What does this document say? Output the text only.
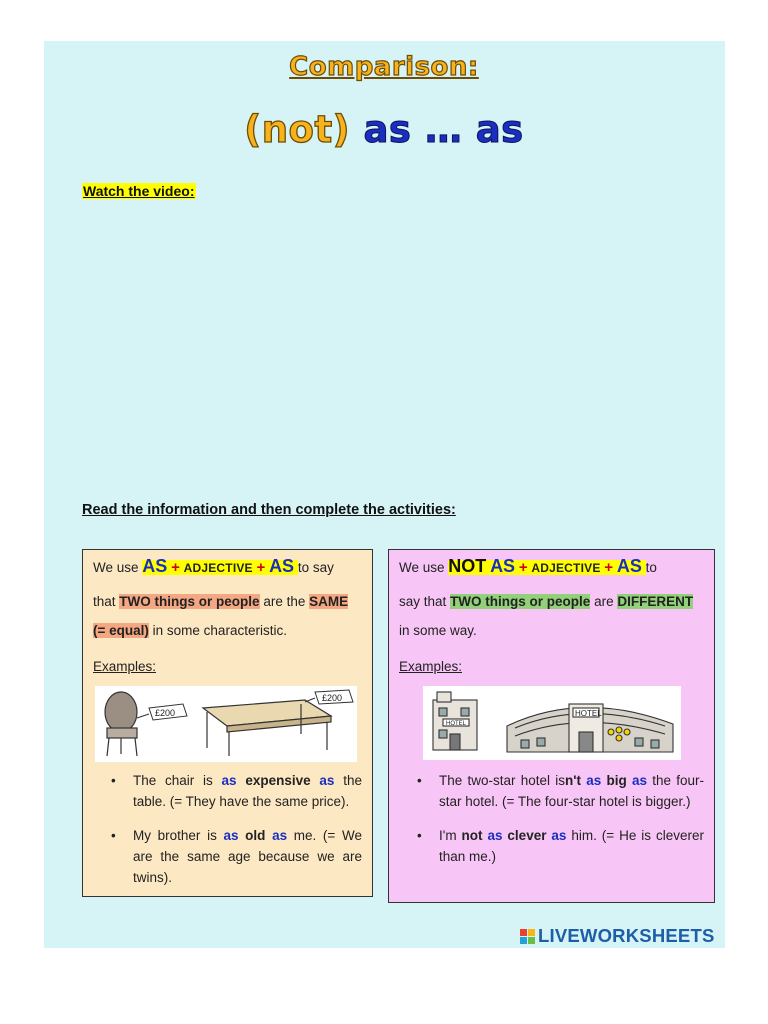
Comparison:
(not) as … as
Watch the video:
Read the information and then complete the activities:
We use AS + ADJECTIVE + AS to say
that TWO things or people are the SAME
(= equal) in some characteristic.
Examples:
£200
£200
• The chair is as expensive as the table. (= They have the same price).
• My brother is as old as me. (= We are the same age because we are twins).
We use NOT AS + ADJECTIVE + AS to
say that TWO things or people are DIFFERENT
in some way.
Examples:
HOTEL
HOTEL
• The two-star hotel isn't as big as the four-star hotel. (= The four-star hotel is bigger.)
• I'm not as clever as him. (= He is cleverer than me.)
LIVEWORKSHEETS
